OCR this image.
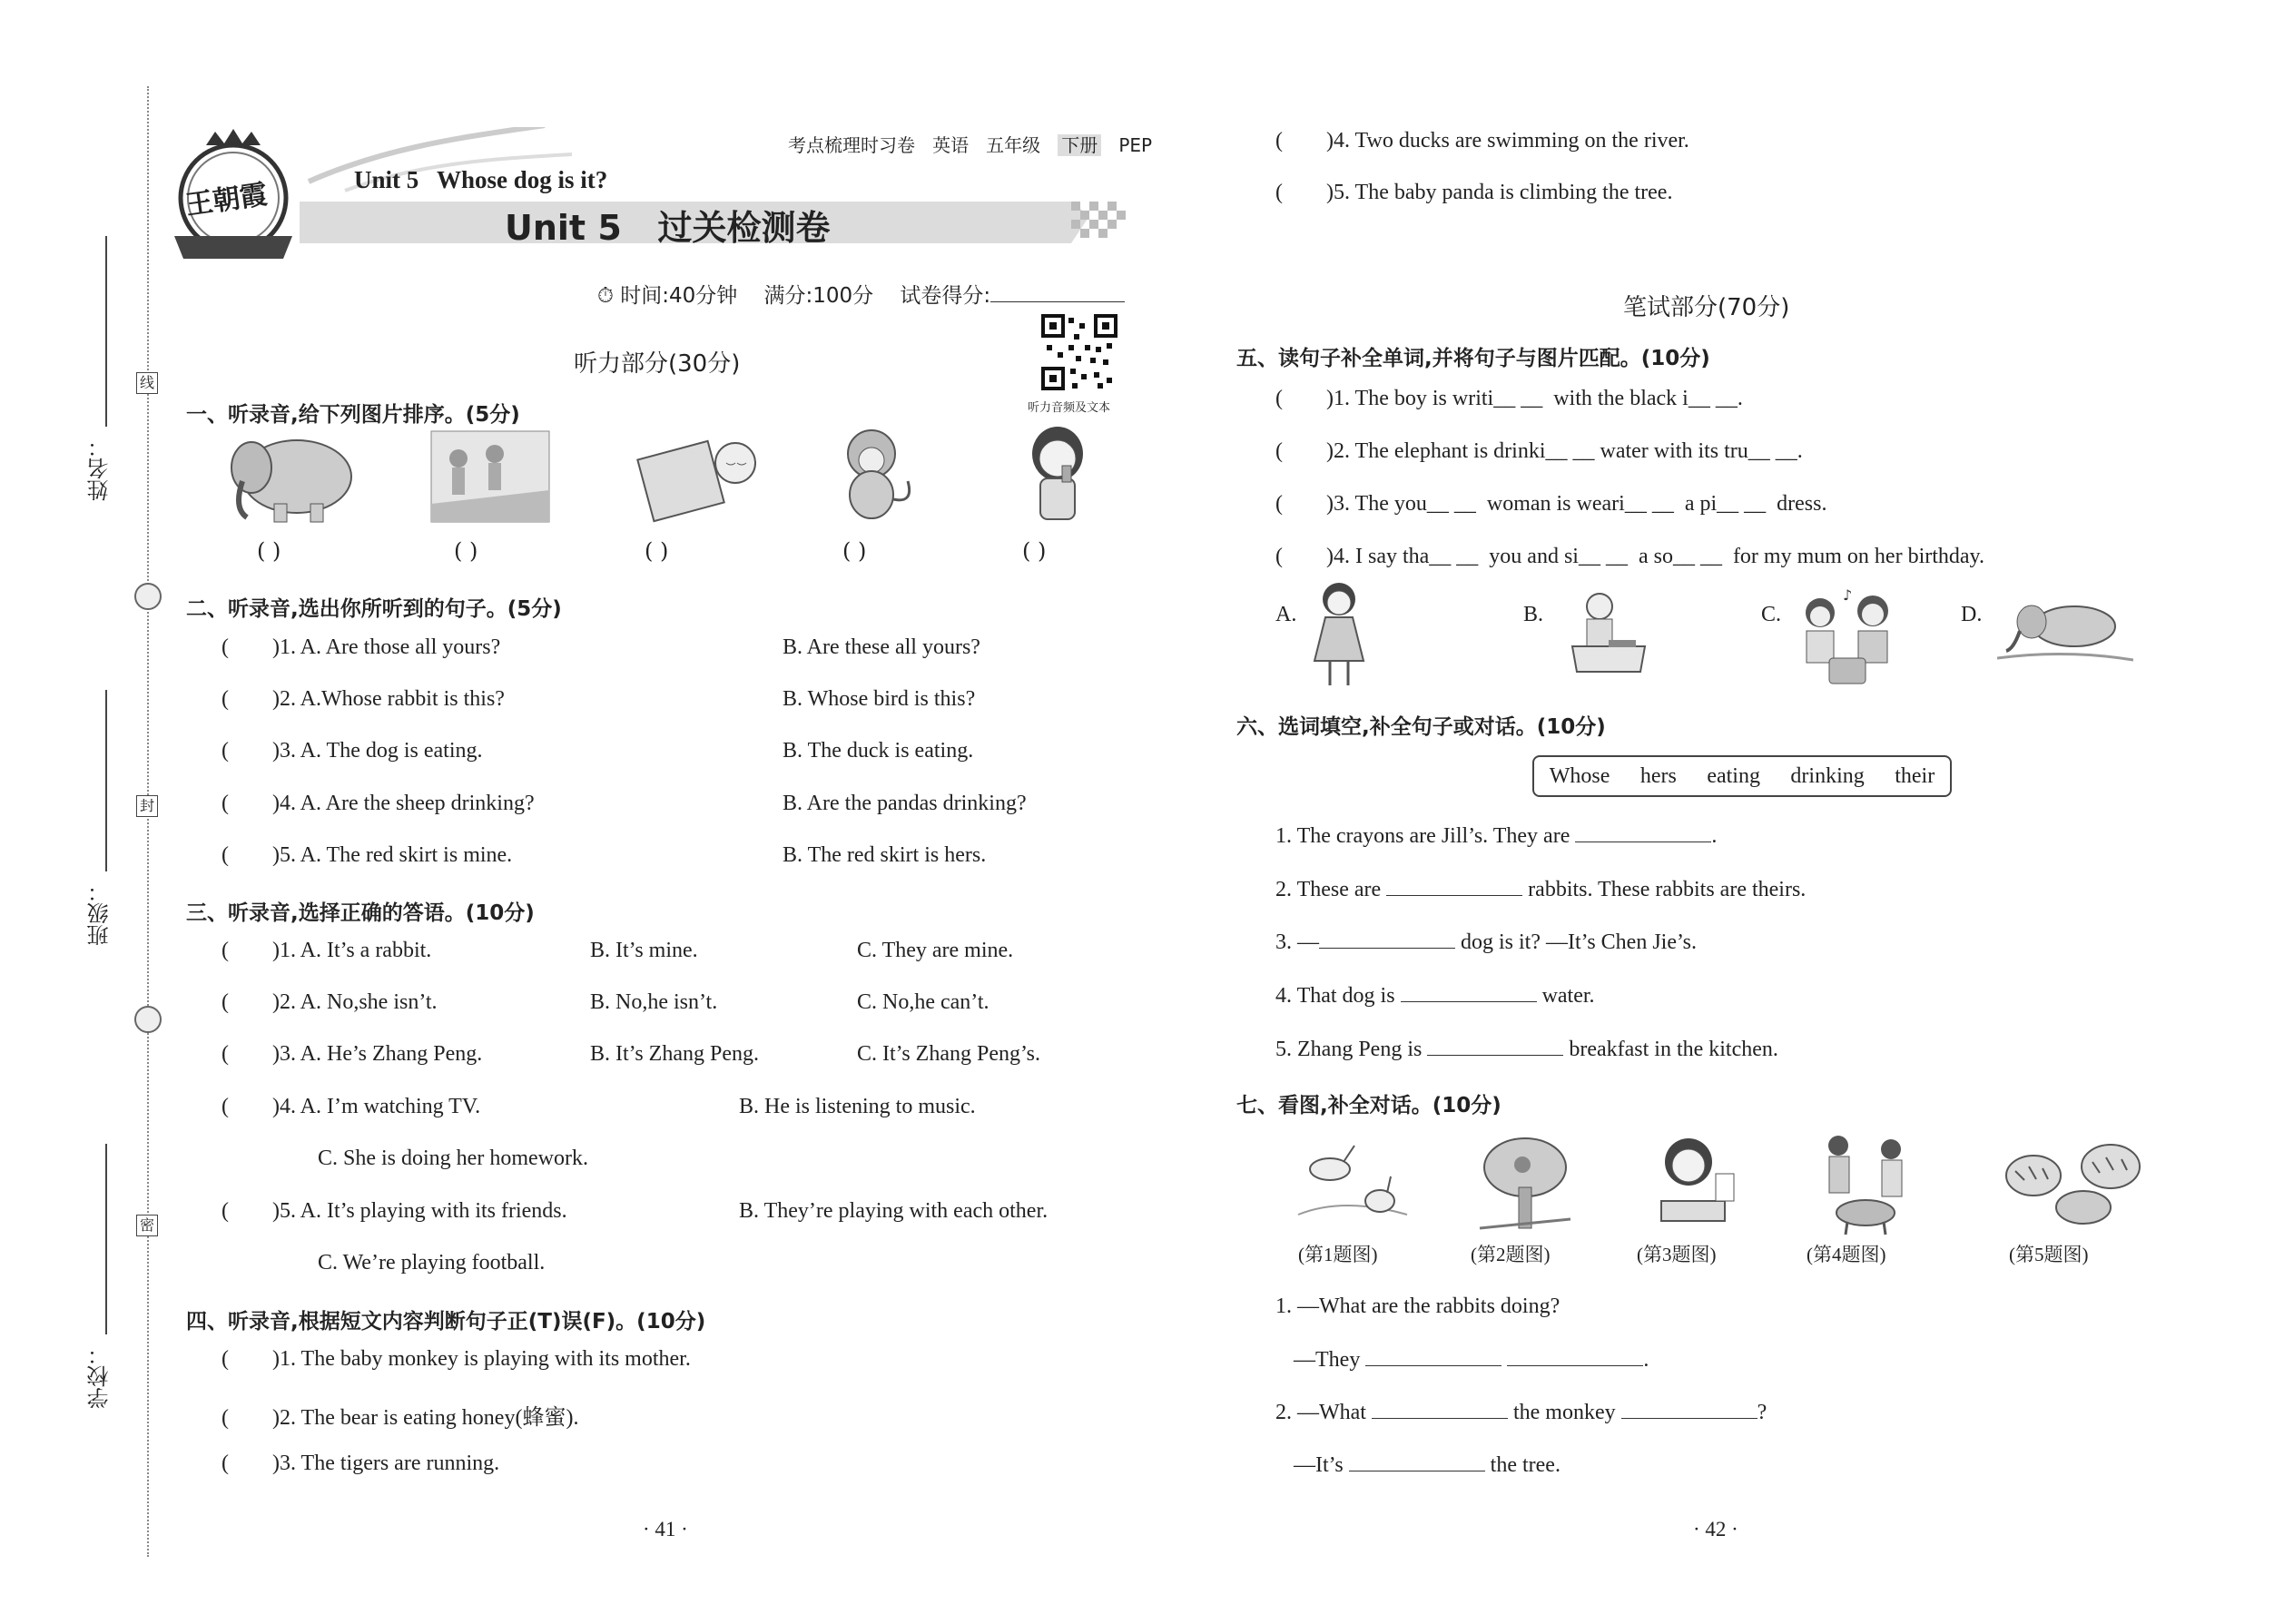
姓名：
班级：
学校：
线
封
密
王朝霞
考点梳理时习卷 英语 五年级 下册 PEP
Unit 5   Whose dog is it?
Unit 5   过关检测卷
⏱ 时间:40分钟    满分:100分    试卷得分:
听力音频及文本
听力部分(30分)
一、听录音,给下列图片排序。(5分)
( )	( )	( )	( )	( )
二、听录音,选出你所听到的句子。(5分)
(        )1. A. Are those all yours?	B. Are these all yours?
(        )2. A.Whose rabbit is this?	B. Whose bird is this?
(        )3. A. The dog is eating.	B. The duck is eating.
(        )4. A. Are the sheep drinking?	B. Are the pandas drinking?
(        )5. A. The red skirt is mine.	B. The red skirt is hers.
三、听录音,选择正确的答语。(10分)
(        )1. A. It’s a rabbit.	B. It’s mine.	C. They are mine.
(        )2. A. No,she isn’t.	B. No,he isn’t.	C. No,he can’t.
(        )3. A. He’s Zhang Peng.	B. It’s Zhang Peng.	C. It’s Zhang Peng’s.
(        )4. A. I’m watching TV.	B. He is listening to music.
C. She is doing her homework.
(        )5. A. It’s playing with its friends.	B. They’re playing with each other.
C. We’re playing football.
四、听录音,根据短文内容判断句子正(T)误(F)。(10分)
(        )1. The baby monkey is playing with its mother.
(        )2. The bear is eating honey(蜂蜜).
(        )3. The tigers are running.
· 41 ·
(        )4. Two ducks are swimming on the river.
(        )5. The baby panda is climbing the tree.
笔试部分(70分)
五、读句子补全单词,并将句子与图片匹配。(10分)
(        )1. The boy is writi__ __  with the black i__ __.
(        )2. The elephant is drinki__ __ water with its tru__ __.
(        )3. The you__ __  woman is weari__ __  a pi__ __  dress.
(        )4. I say tha__ __  you and si__ __  a so__ __  for my mum on her birthday.
A.	B.	C.
♪
D.
六、选词填空,补全句子或对话。(10分)
Whose hers eating drinking their
1. The crayons are Jill’s. They are	.
2. These are	rabbits. These rabbits are theirs.
3. —	dog is it? —It’s Chen Jie’s.
4. That dog is	water.
5. Zhang Peng is	breakfast in the kitchen.
七、看图,补全对话。(10分)
(第1题图)	(第2题图)	(第3题图)	(第4题图)	(第5题图)
1. —What are the rabbits doing?
—They	.
2. —What	the monkey	?
—It’s	the tree.
· 42 ·
